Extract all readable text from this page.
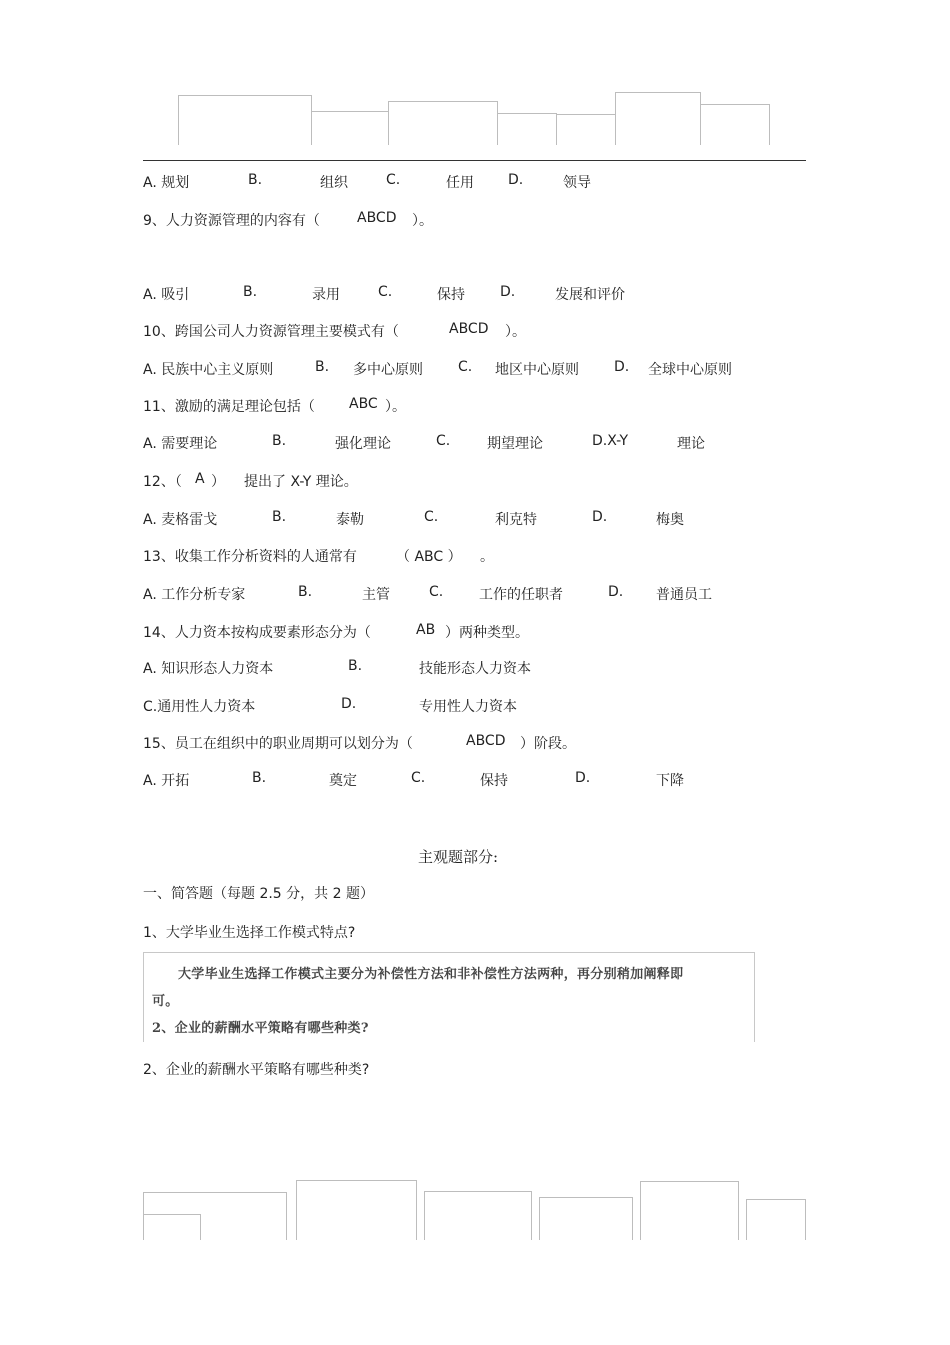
A. 规划	B.	组织	C.	任用 D.	领导
9、人力资源管理的内容有（	ABCD ）。
A. 吸引	B.	录用	C.	保持	D.	发展和评价
10、跨国公司人力资源管理主要模式有（	ABCD ）。
A. 民族中心主义原则	B. 多中心原则	C. 地区中心原则	D. 全球中心原则
11、激励的满足理论包括（ ABC ）。
A. 需要理论	B.	强化理论	C.	期望理论	D.X-Y	理论
12、（ A ） 提出了 X-Y 理论。
A. 麦格雷戈	B.	泰勒	C.	利克特	D.	梅奥
13、收集工作分析资料的人通常有	（ ABC ） 。
A. 工作分析专家	B.	主管	C.	工作的任职者	D. 普通员工
14、人力资本按构成要素形态分为（	AB ）两种类型。
A. 知识形态人力资本	B.	技能形态人力资本
C.通用性人力资本	D.	专用性人力资本
15、员工在组织中的职业周期可以划分为（	ABCD ）阶段。
A. 开拓	B.	奠定	C.	保持	D.	下降
主观题部分:
一、简答题（每题 2.5 分，共 2 题）
1、大学毕业生选择工作模式特点?
大学毕业生选择工作模式主要分为补偿性方法和非补偿性方法两种，再分别稍加阐释即
可。
2、企业的薪酬水平策略有哪些种类?
2、企业的薪酬水平策略有哪些种类?
